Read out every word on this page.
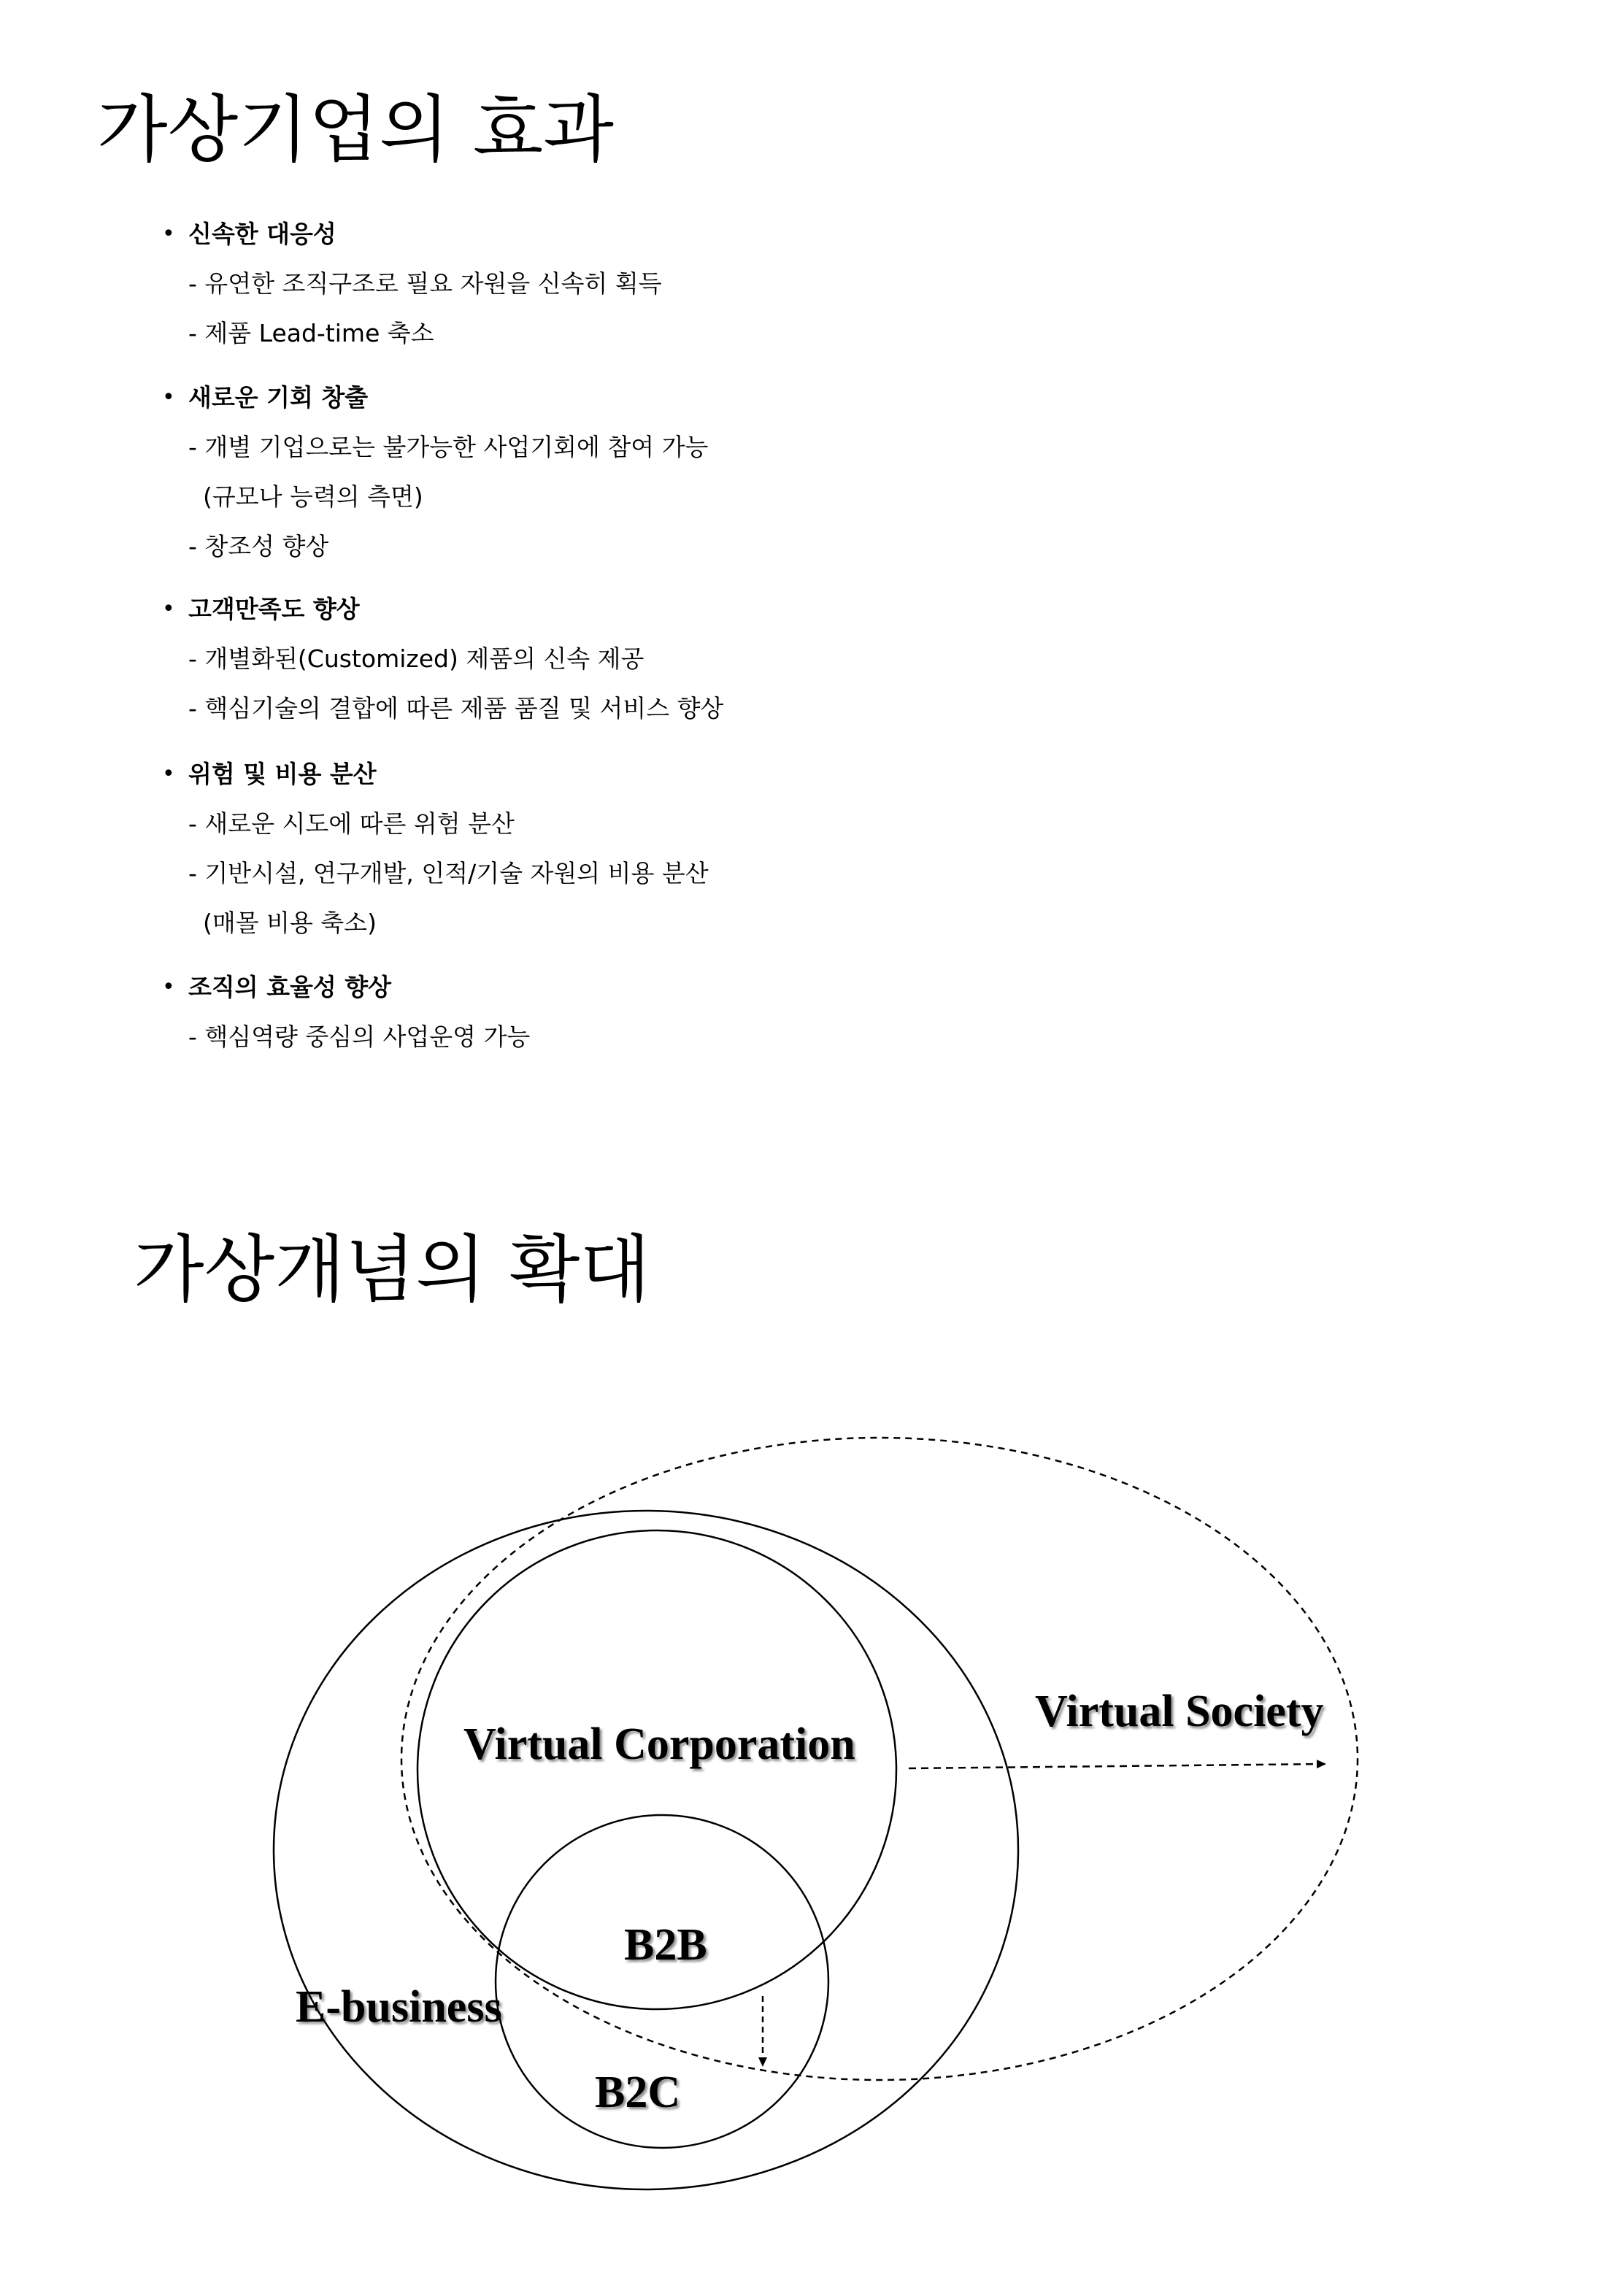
가상기업의 효과
• 신속한 대응성
- 유연한 조직구조로 필요 자원을 신속히 획득
- 제품 Lead-time 축소
• 새로운 기회 창출
- 개별 기업으로는 불가능한 사업기회에 참여 가능
(규모나 능력의 측면)
- 창조성 향상
• 고객만족도 향상
- 개별화된(Customized) 제품의 신속 제공
- 핵심기술의 결합에 따른 제품 품질 및 서비스 향상
• 위험 및 비용 분산
- 새로운 시도에 따른 위험 분산
- 기반시설, 연구개발, 인적/기술 자원의 비용 분산
(매몰 비용 축소)
• 조직의 효율성 향상
- 핵심역량 중심의 사업운영 가능
가상개념의 확대
Virtual Corporation
Virtual Society
E-business
B2B
B2C
